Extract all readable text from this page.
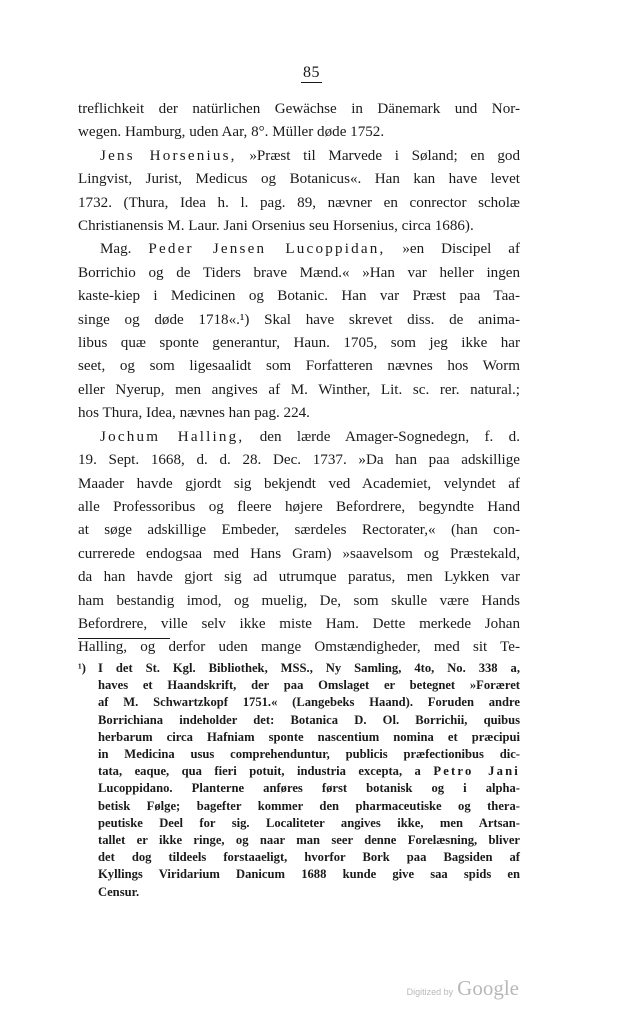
85
treflichkeit der natürlichen Gewächse in Dänemark und Nor-
wegen. Hamburg, uden Aar, 8°. Müller døde 1752.
Jens Horsenius, »Præst til Marvede i Søland; en god
Lingvist, Jurist, Medicus og Botanicus«. Han kan have levet
1732. (Thura, Idea h. l. pag. 89, nævner en conrector scholæ
Christianensis M. Laur. Jani Orsenius seu Horsenius, circa 1686).
Mag. Peder Jensen Lucoppidan, »en Discipel af
Borrichio og de Tiders brave Mænd.« »Han var heller ingen
kaste-kiep i Medicinen og Botanic. Han var Præst paa Taa-
singe og døde 1718«.¹) Skal have skrevet diss. de anima-
libus quæ sponte generantur, Haun. 1705, som jeg ikke har
seet, og som ligesaalidt som Forfatteren nævnes hos Worm
eller Nyerup, men angives af M. Winther, Lit. sc. rer. natural.;
hos Thura, Idea, nævnes han pag. 224.
Jochum Halling, den lærde Amager-Sognedegn, f. d.
19. Sept. 1668, d. d. 28. Dec. 1737. »Da han paa adskillige
Maader havde gjordt sig bekjendt ved Academiet, velyndet af
alle Professoribus og fleere højere Befordrere, begyndte Hand
at søge adskillige Embeder, særdeles Rectorater,« (han con-
currerede endogsaa med Hans Gram) »saavelsom og Præstekald,
da han havde gjort sig ad utrumque paratus, men Lykken var
ham bestandig imod, og muelig, De, som skulle være Hands
Befordrere, ville selv ikke miste Ham. Dette merkede Johan
Halling, og derfor uden mange Omstændigheder, med sit Te-
¹) I det St. Kgl. Bibliothek, MSS., Ny Samling, 4to, No. 338 a,
haves et Haandskrift, der paa Omslaget er betegnet »Foræret
af M. Schwartzkopf 1751.« (Langebeks Haand). Foruden andre
Borrichiana indeholder det: Botanica D. Ol. Borrichii, quibus
herbarum circa Hafniam sponte nascentium nomina et præcipui
in Medicina usus comprehenduntur, publicis præfectionibus dic-
tata, eaque, qua fieri potuit, industria excepta, a Petro Jani
Lucoppidano. Planterne anføres først botanisk og i alpha-
betisk Følge; bagefter kommer den pharmaceutiske og thera-
peutiske Deel for sig. Localiteter angives ikke, men Artsan-
tallet er ikke ringe, og naar man seer denne Forelæsning, bliver
det dog tildeels forstaaeligt, hvorfor Bork paa Bagsiden af
Kyllings Viridarium Danicum 1688 kunde give saa spids en
Censur.
Digitized by Google
